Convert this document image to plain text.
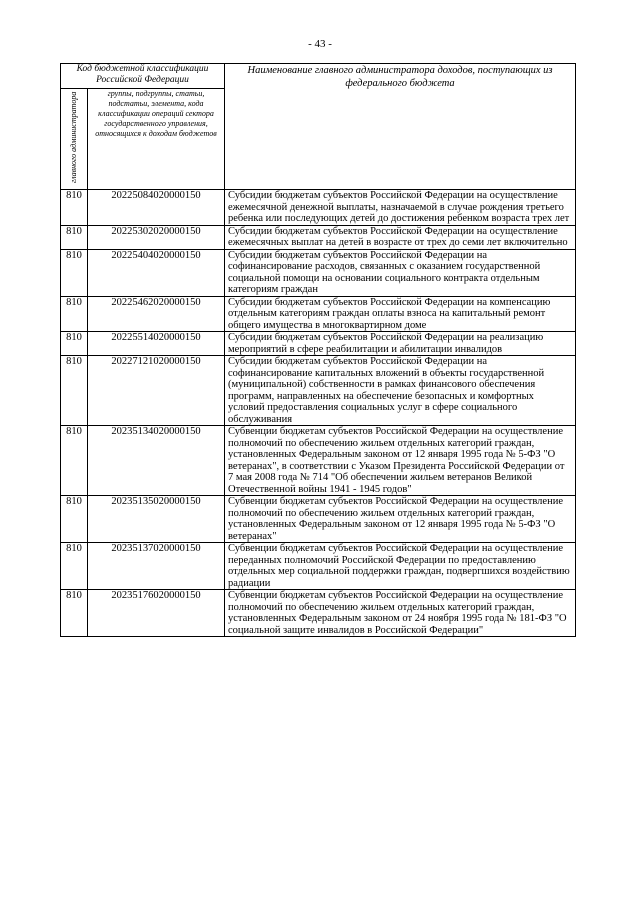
- 43 -
Код бюджетной классификации Российской Федерации		Наименование главного администратора доходов, поступающих из федерального бюджета

главного администратора	группы, подгруппы, статьи, подстатьи, элемента, кода классификации операций сектора государственного управления, относящихся к доходам бюджетов	
810	20225084020000150	Субсидии бюджетам субъектов Российской Федерации на осуществление ежемесячной денежной выплаты, назначаемой в случае рождения третьего ребенка или последующих детей до достижения ребенком возраста трех лет
810	20225302020000150	Субсидии бюджетам субъектов Российской Федерации на осуществление ежемесячных выплат на детей в возрасте от трех до семи лет включительно
810	20225404020000150	Субсидии бюджетам субъектов Российской Федерации на софинансирование расходов, связанных с оказанием государственной социальной помощи на основании социального контракта отдельным категориям граждан
810	20225462020000150	Субсидии бюджетам субъектов Российской Федерации на компенсацию отдельным категориям граждан оплаты взноса на капитальный ремонт общего имущества в многоквартирном доме
810	20225514020000150	Субсидии бюджетам субъектов Российской Федерации на реализацию мероприятий в сфере реабилитации и абилитации инвалидов
810	20227121020000150	Субсидии бюджетам субъектов Российской Федерации на софинансирование капитальных вложений в объекты государственной (муниципальной) собственности в рамках финансового обеспечения программ, направленных на обеспечение безопасных и комфортных условий предоставления социальных услуг в сфере социального обслуживания
810	20235134020000150	Субвенции бюджетам субъектов Российской Федерации на осуществление полномочий по обеспечению жильем отдельных категорий граждан, установленных Федеральным законом от 12 января 1995 года № 5-ФЗ "О ветеранах", в соответствии с Указом Президента Российской Федерации от 7 мая 2008 года № 714 "Об обеспечении жильем ветеранов Великой Отечественной войны 1941 - 1945 годов"
810	20235135020000150	Субвенции бюджетам субъектов Российской Федерации на осуществление полномочий по обеспечению жильем отдельных категорий граждан, установленных Федеральным законом от 12 января 1995 года № 5-ФЗ "О ветеранах"
810	20235137020000150	Субвенции бюджетам субъектов Российской Федерации на осуществление переданных полномочий Российской Федерации по предоставлению отдельных мер социальной поддержки граждан, подвергшихся воздействию радиации
810	20235176020000150	Субвенции бюджетам субъектов Российской Федерации на осуществление полномочий по обеспечению жильем отдельных категорий граждан, установленных Федеральным законом от 24 ноября 1995 года № 181-ФЗ "О социальной защите инвалидов в Российской Федерации"
